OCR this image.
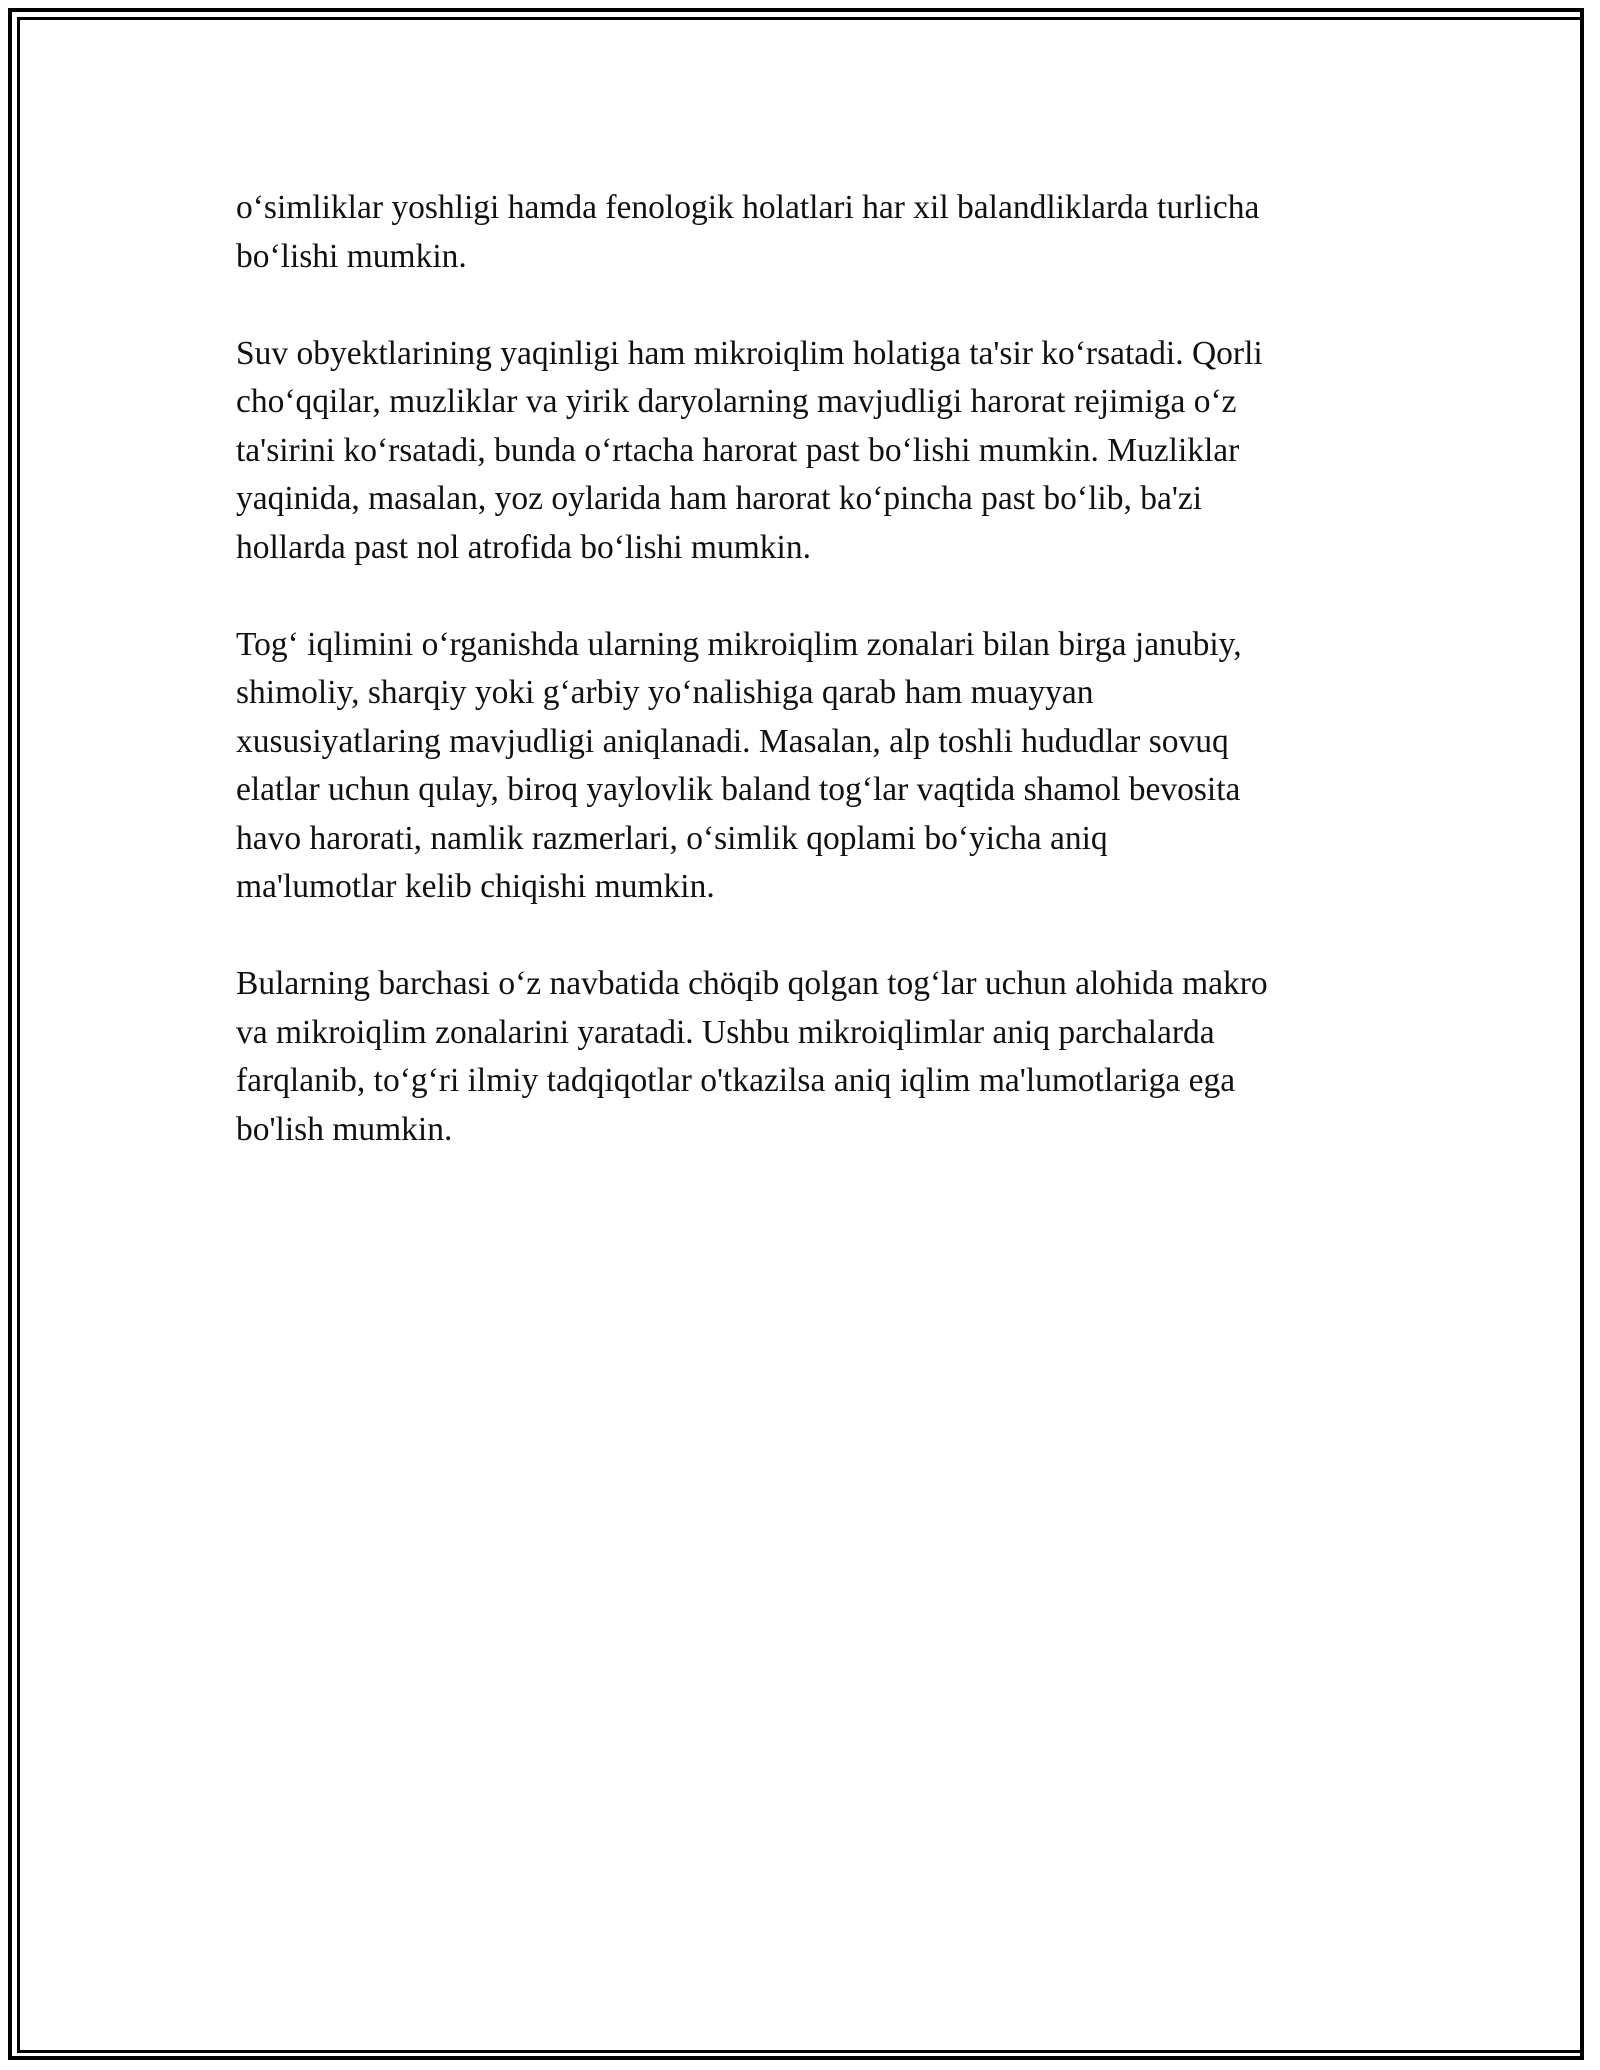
o‘simliklar yoshligi hamda fenologik holatlari har xil balandliklarda turlicha
bo‘lishi mumkin.

Suv obyektlarining yaqinligi ham mikroiqlim holatiga ta'sir ko‘rsatadi. Qorli
cho‘qqilar, muzliklar va yirik daryolarning mavjudligi harorat rejimiga o‘z
ta'sirini ko‘rsatadi, bunda o‘rtacha harorat past bo‘lishi mumkin. Muzliklar
yaqinida, masalan, yoz oylarida ham harorat ko‘pincha past bo‘lib, ba'zi
hollarda past nol atrofida bo‘lishi mumkin.

Tog‘ iqlimini o‘rganishda ularning mikroiqlim zonalari bilan birga janubiy,
shimoliy, sharqiy yoki g‘arbiy yo‘nalishiga qarab ham muayyan
xususiyatlaring mavjudligi aniqlanadi. Masalan, alp toshli hududlar sovuq
elatlar uchun qulay, biroq yaylovlik baland tog‘lar vaqtida shamol bevosita
havo harorati, namlik razmerlari, o‘simlik qoplami bo‘yicha aniq
ma'lumotlar kelib chiqishi mumkin.

Bularning barchasi o‘z navbatida chöqib qolgan tog‘lar uchun alohida makro
va mikroiqlim zonalarini yaratadi. Ushbu mikroiqlimlar aniq parchalarda
farqlanib, to‘g‘ri ilmiy tadqiqotlar o'tkazilsa aniq iqlim ma'lumotlariga ega
bo'lish mumkin.
